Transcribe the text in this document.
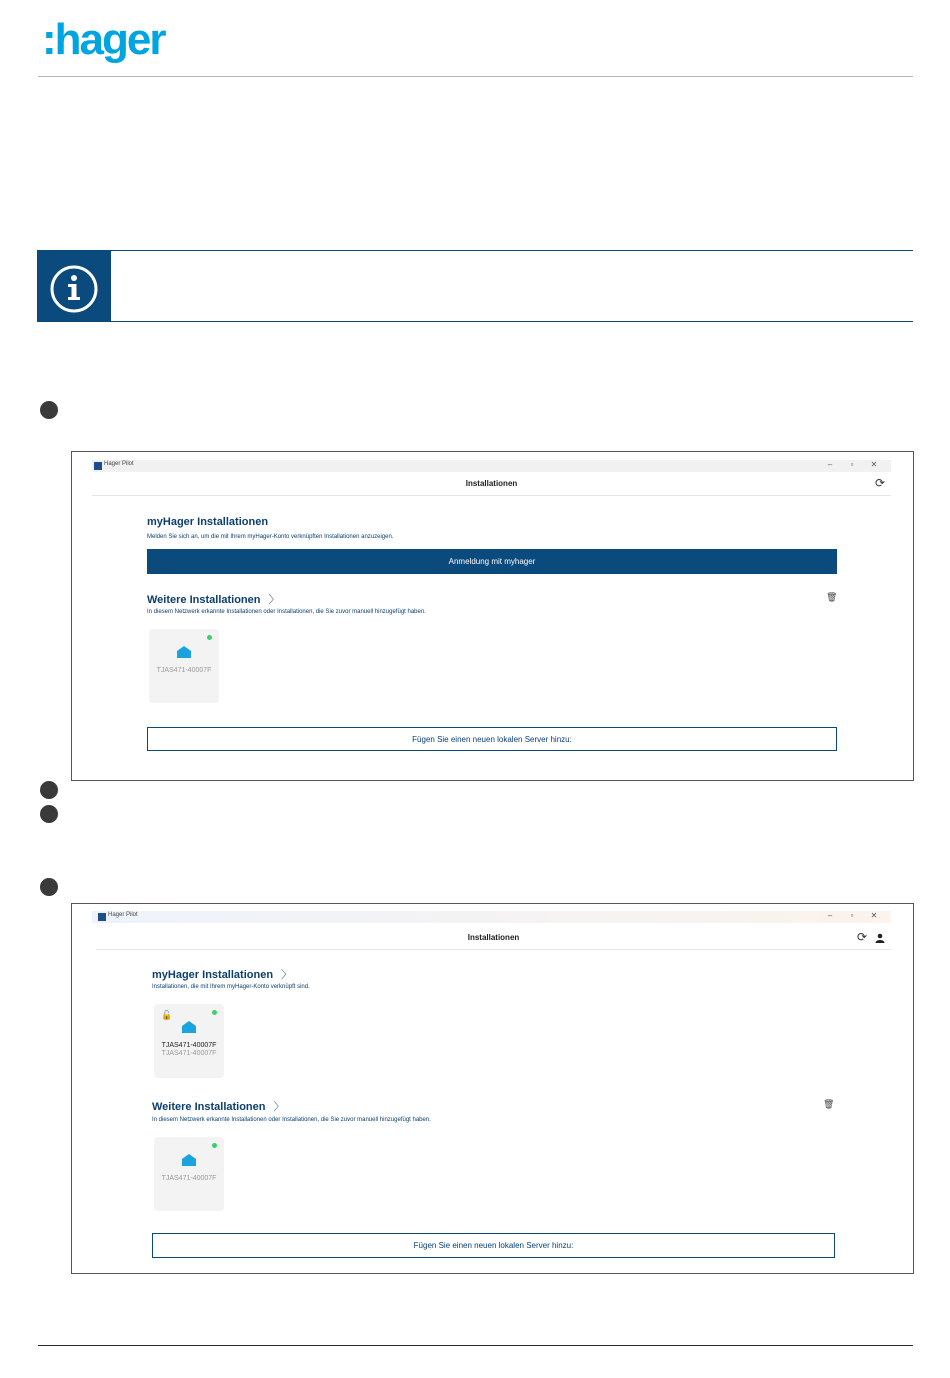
:hager
Hager Pilot	– ▫ ✕
Installationen	⟳
myHager Installationen
Melden Sie sich an, um die mit Ihrem myHager-Konto verknüpften Installationen anzuzeigen.
Anmeldung mit myhager
Weitere Installationen 〉	🗑
In diesem Netzwerk erkannte Installationen oder Installationen, die Sie zuvor manuell hinzugefügt haben.
TJAS471-40007F
Fügen Sie einen neuen lokalen Server hinzu:
Hager Pilot	– ▫ ✕
Installationen	⟳
myHager Installationen 〉
Installationen, die mit Ihrem myHager-Konto verknüpft sind.
🔓
TJAS471-40007F
TJAS471-40007F
Weitere Installationen 〉	🗑
In diesem Netzwerk erkannte Installationen oder Installationen, die Sie zuvor manuell hinzugefügt haben.
TJAS471-40007F
Fügen Sie einen neuen lokalen Server hinzu:
